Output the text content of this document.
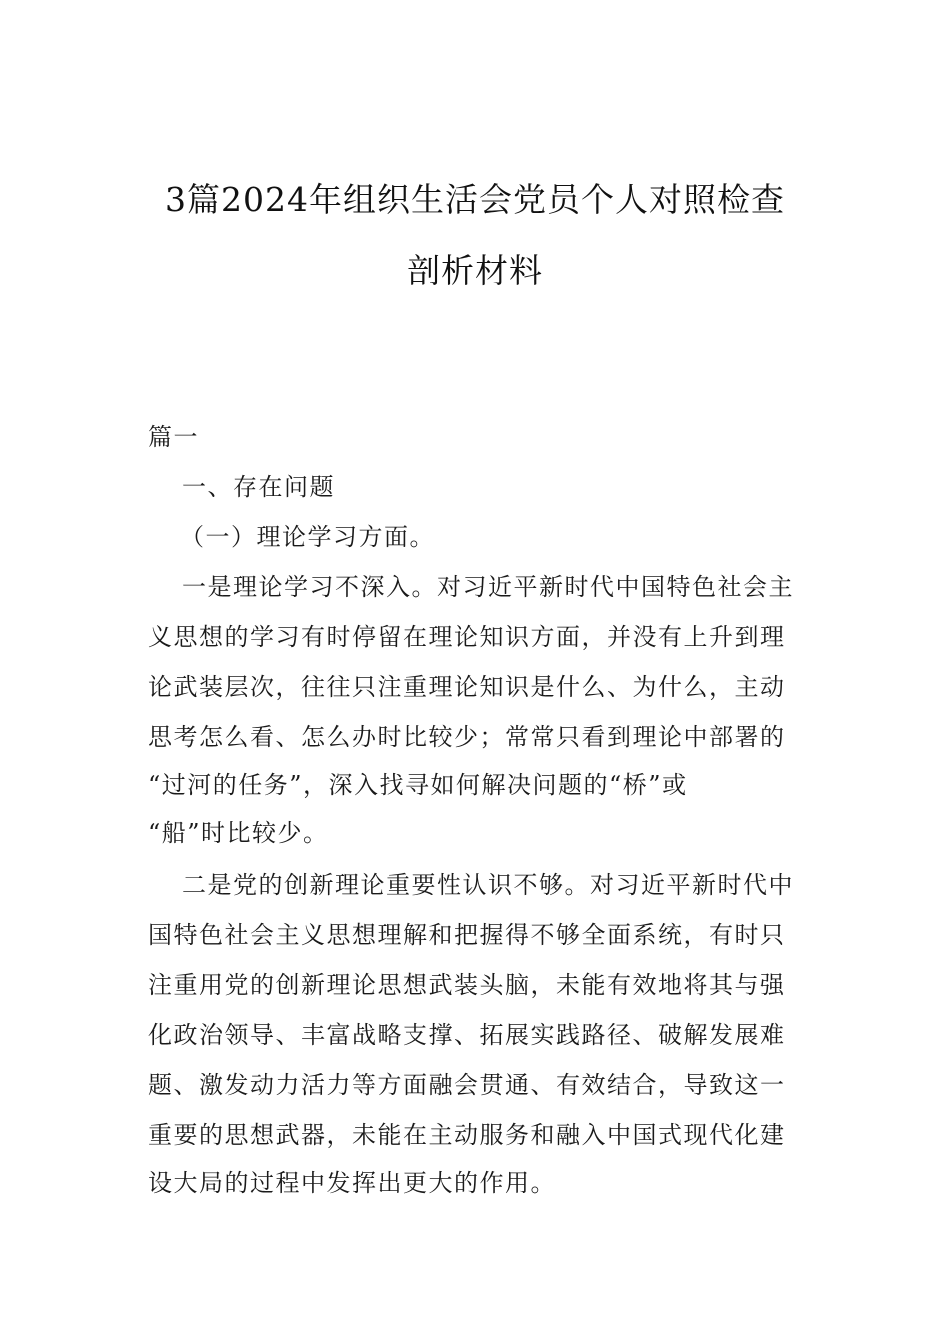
3篇2024年组织生活会党员个人对照检查
剖析材料
篇一
一、存在问题
（一）理论学习方面。
一是理论学习不深入。对习近平新时代中国特色社会主
义思想的学习有时停留在理论知识方面，并没有上升到理
论武装层次，往往只注重理论知识是什么、为什么，主动
思考怎么看、怎么办时比较少；常常只看到理论中部署的
“过河的任务”，深入找寻如何解决问题的“桥”或
“船”时比较少。
二是党的创新理论重要性认识不够。对习近平新时代中
国特色社会主义思想理解和把握得不够全面系统，有时只
注重用党的创新理论思想武装头脑，未能有效地将其与强
化政治领导、丰富战略支撑、拓展实践路径、破解发展难
题、激发动力活力等方面融会贯通、有效结合，导致这一
重要的思想武器，未能在主动服务和融入中国式现代化建
设大局的过程中发挥出更大的作用。
